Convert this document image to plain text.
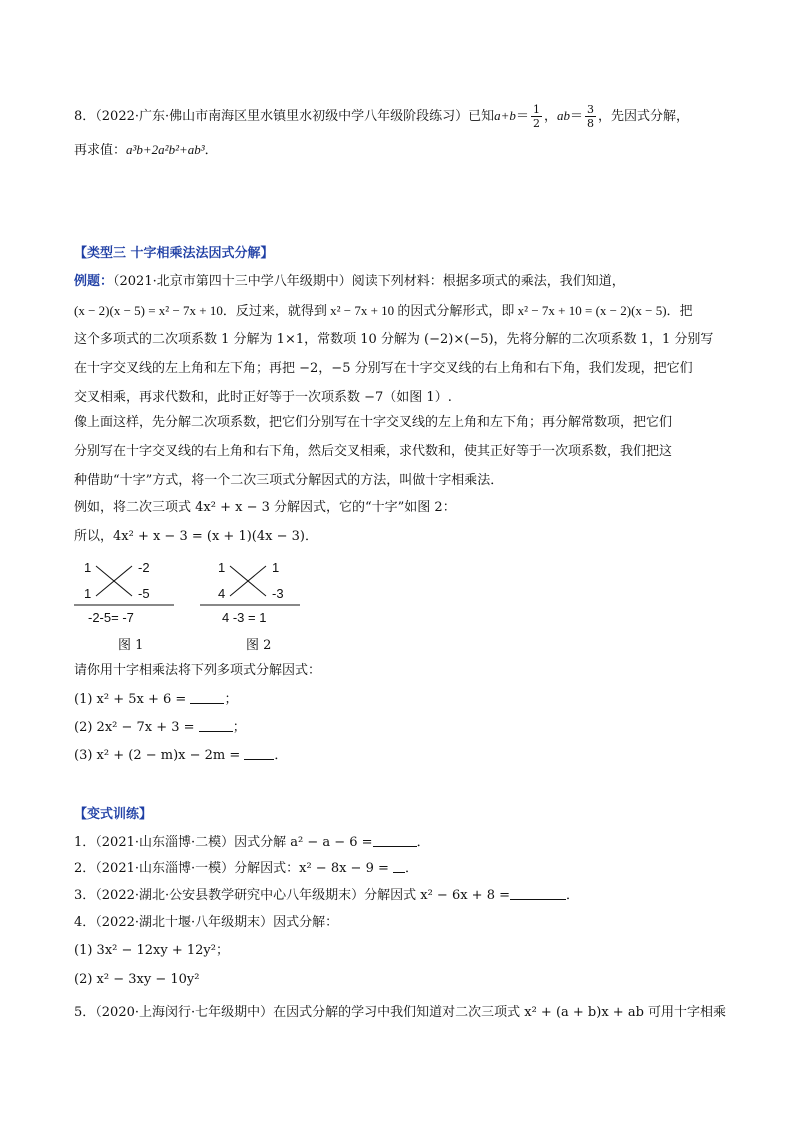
8．（2022·广东·佛山市南海区里水镇里水初级中学八年级阶段练习）已知$a+b= \frac{1}{2}$ ，$ab= \frac{3}{8}$ ，先因式分解，
再求值：a³b+2a²b²+ab³．
【类型三 十字相乘法法因式分解】
例题：（2021·北京市第四十三中学八年级期中）阅读下列材料：根据多项式的乘法，我们知道，
(x − 2)(x − 5) = x² − 7x + 10．反过来，就得到 x² − 7x + 10 的因式分解形式，即 x² − 7x + 10 = (x − 2)(x − 5)．把
这个多项式的二次项系数 1 分解为 1×1，常数项 10 分解为 (−2)×(−5)，先将分解的二次项系数 1，1 分别写
在十字交叉线的左上角和左下角；再把 −2，−5 分别写在十字交叉线的右上角和右下角，我们发现，把它们
交叉相乘，再求代数和，此时正好等于一次项系数 −7（如图 1）.
像上面这样，先分解二次项系数，把它们分别写在十字交叉线的左上角和左下角；再分解常数项，把它们
分别写在十字交叉线的右上角和右下角，然后交叉相乘，求代数和，使其正好等于一次项系数，我们把这
种借助“十字”方式，将一个二次三项式分解因式的方法，叫做十字相乘法．
例如，将二次三项式 4x² + x − 3 分解因式，它的“十字”如图 2：
所以，4x² + x − 3 = (x + 1)(4x − 3)．
1	-2
1	-5
-2-5= -7
图 1
1	1
4	-3
4 -3 = 1
图 2
请你用十字相乘法将下列多项式分解因式：
(1) x² + 5x + 6 =	；
(2) 2x² − 7x + 3 =	；
(3) x² + (2 − m)x − 2m = ．
【变式训练】
1．（2021·山东淄博·二模）因式分解 a² − a − 6 =	．
2．（2021·山东淄博·一模）分解因式：x² − 8x − 9 = ．
3．（2022·湖北·公安县教学研究中心八年级期末）分解因式 x² − 6x + 8 =	．
4．（2022·湖北十堰·八年级期末）因式分解：
(1) 3x² − 12xy + 12y²；
(2) x² − 3xy − 10y²
5．（2020·上海闵行·七年级期中）在因式分解的学习中我们知道对二次三项式 x² + (a + b)x + ab 可用十字相乘
